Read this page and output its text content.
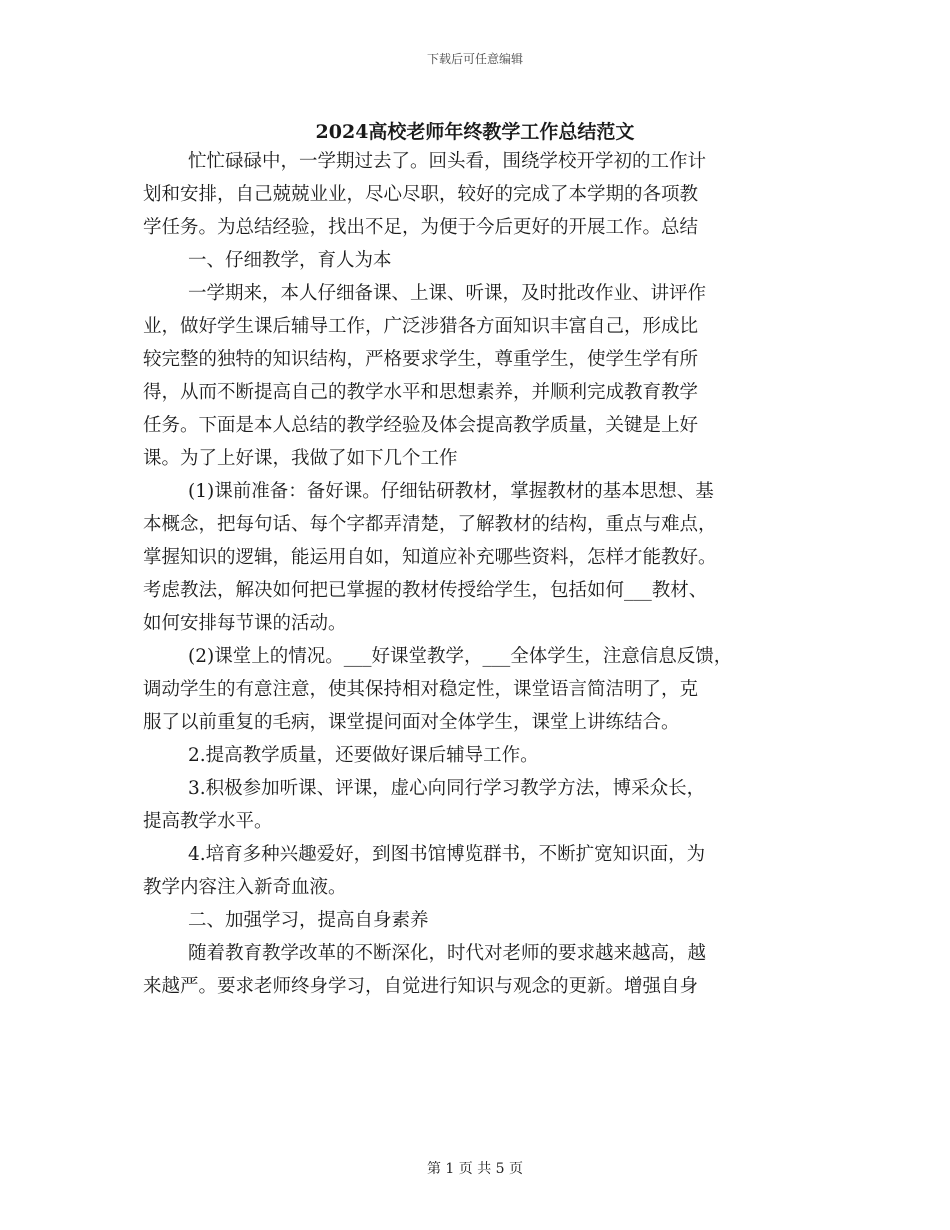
下载后可任意编辑
2024高校老师年终教学工作总结范文

忙忙碌碌中，一学期过去了。回头看，围绕学校开学初的工作计

划和安排，自己兢兢业业，尽心尽职，较好的完成了本学期的各项教

学任务。为总结经验，找出不足，为便于今后更好的开展工作。总结

一、仔细教学，育人为本

一学期来，本人仔细备课、上课、听课，及时批改作业、讲评作

业，做好学生课后辅导工作，广泛涉猎各方面知识丰富自己，形成比

较完整的独特的知识结构，严格要求学生，尊重学生，使学生学有所

得，从而不断提高自己的教学水平和思想素养，并顺利完成教育教学

任务。下面是本人总结的教学经验及体会提高教学质量，关键是上好

课。为了上好课，我做了如下几个工作

(1)课前准备：备好课。仔细钻研教材，掌握教材的基本思想、基

本概念，把每句话、每个字都弄清楚，了解教材的结构，重点与难点，

掌握知识的逻辑，能运用自如，知道应补充哪些资料，怎样才能教好。

考虑教法，解决如何把已掌握的教材传授给学生，包括如何___教材、

如何安排每节课的活动。

(2)课堂上的情况。___好课堂教学，___全体学生，注意信息反馈，

调动学生的有意注意，使其保持相对稳定性，课堂语言简洁明了，克

服了以前重复的毛病，课堂提问面对全体学生，课堂上讲练结合。

2.提高教学质量，还要做好课后辅导工作。

3.积极参加听课、评课，虚心向同行学习教学方法，博采众长，

提高教学水平。

4.培育多种兴趣爱好，到图书馆博览群书，不断扩宽知识面，为

教学内容注入新奇血液。

二、加强学习，提高自身素养

随着教育教学改革的不断深化，时代对老师的要求越来越高，越

来越严。要求老师终身学习，自觉进行知识与观念的更新。增强自身

第 1 页 共 5 页
